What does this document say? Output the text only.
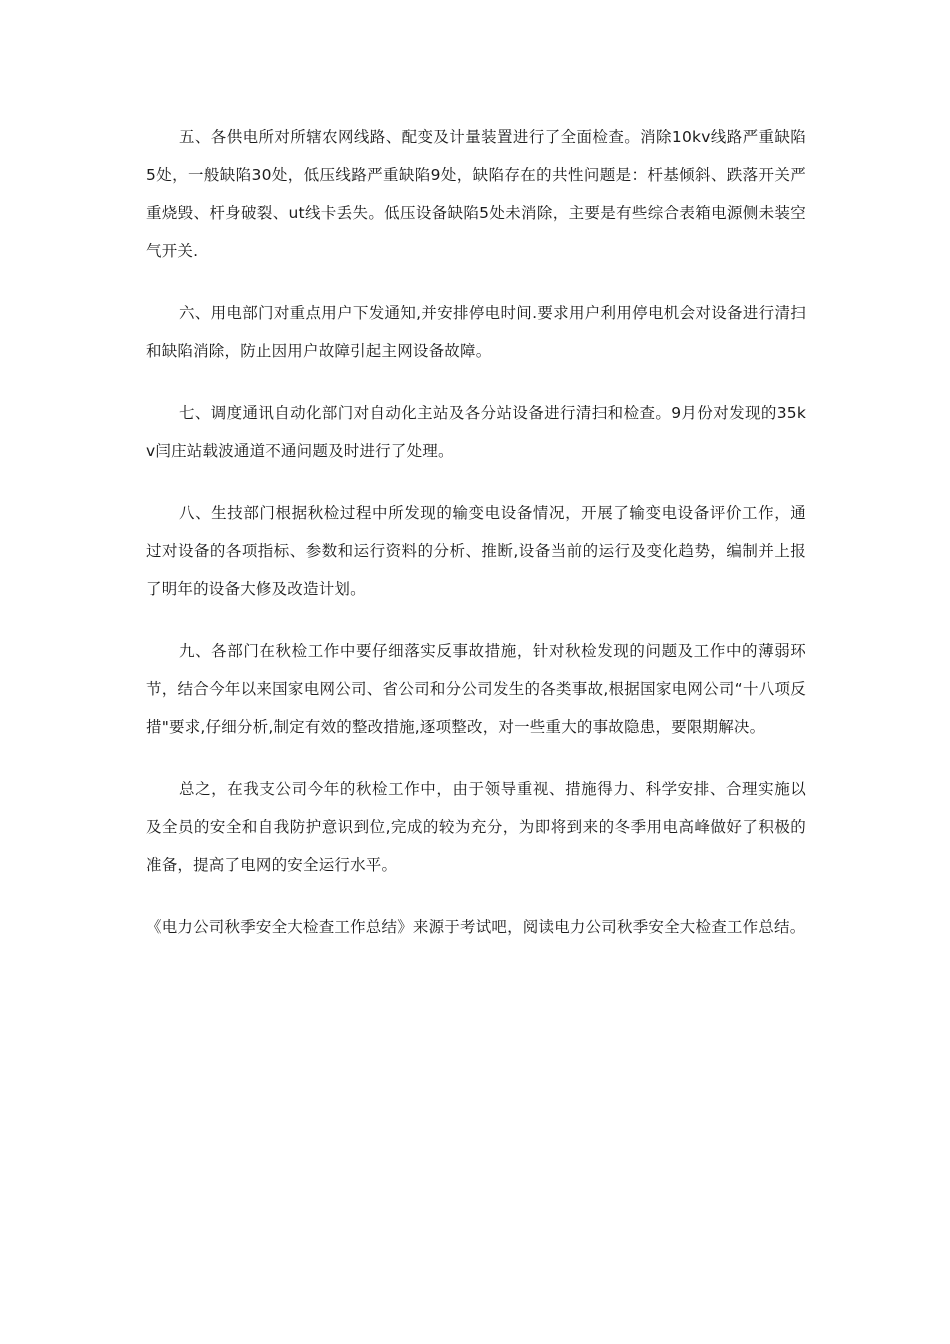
五、各供电所对所辖农网线路、配变及计量装置进行了全面检查。消除10kv线路严重缺陷5处，一般缺陷30处，低压线路严重缺陷9处，缺陷存在的共性问题是：杆基倾斜、跌落开关严重烧毁、杆身破裂、ut线卡丢失。低压设备缺陷5处未消除，主要是有些综合表箱电源侧未装空气开关.

六、用电部门对重点用户下发通知,并安排停电时间.要求用户利用停电机会对设备进行清扫和缺陷消除，防止因用户故障引起主网设备故障。

七、调度通讯自动化部门对自动化主站及各分站设备进行清扫和检查。9月份对发现的35kv闫庄站载波通道不通问题及时进行了处理。

八、生技部门根据秋检过程中所发现的输变电设备情况，开展了输变电设备评价工作，通过对设备的各项指标、参数和运行资料的分析、推断,设备当前的运行及变化趋势，编制并上报了明年的设备大修及改造计划。

九、各部门在秋检工作中要仔细落实反事故措施，针对秋检发现的问题及工作中的薄弱环节，结合今年以来国家电网公司、省公司和分公司发生的各类事故,根据国家电网公司“十八项反措"要求,仔细分析,制定有效的整改措施,逐项整改，对一些重大的事故隐患，要限期解决。

总之，在我支公司今年的秋检工作中，由于领导重视、措施得力、科学安排、合理实施以及全员的安全和自我防护意识到位,完成的较为充分，为即将到来的冬季用电高峰做好了积极的准备，提高了电网的安全运行水平。

《电力公司秋季安全大检查工作总结》来源于考试吧，阅读电力公司秋季安全大检查工作总结。
